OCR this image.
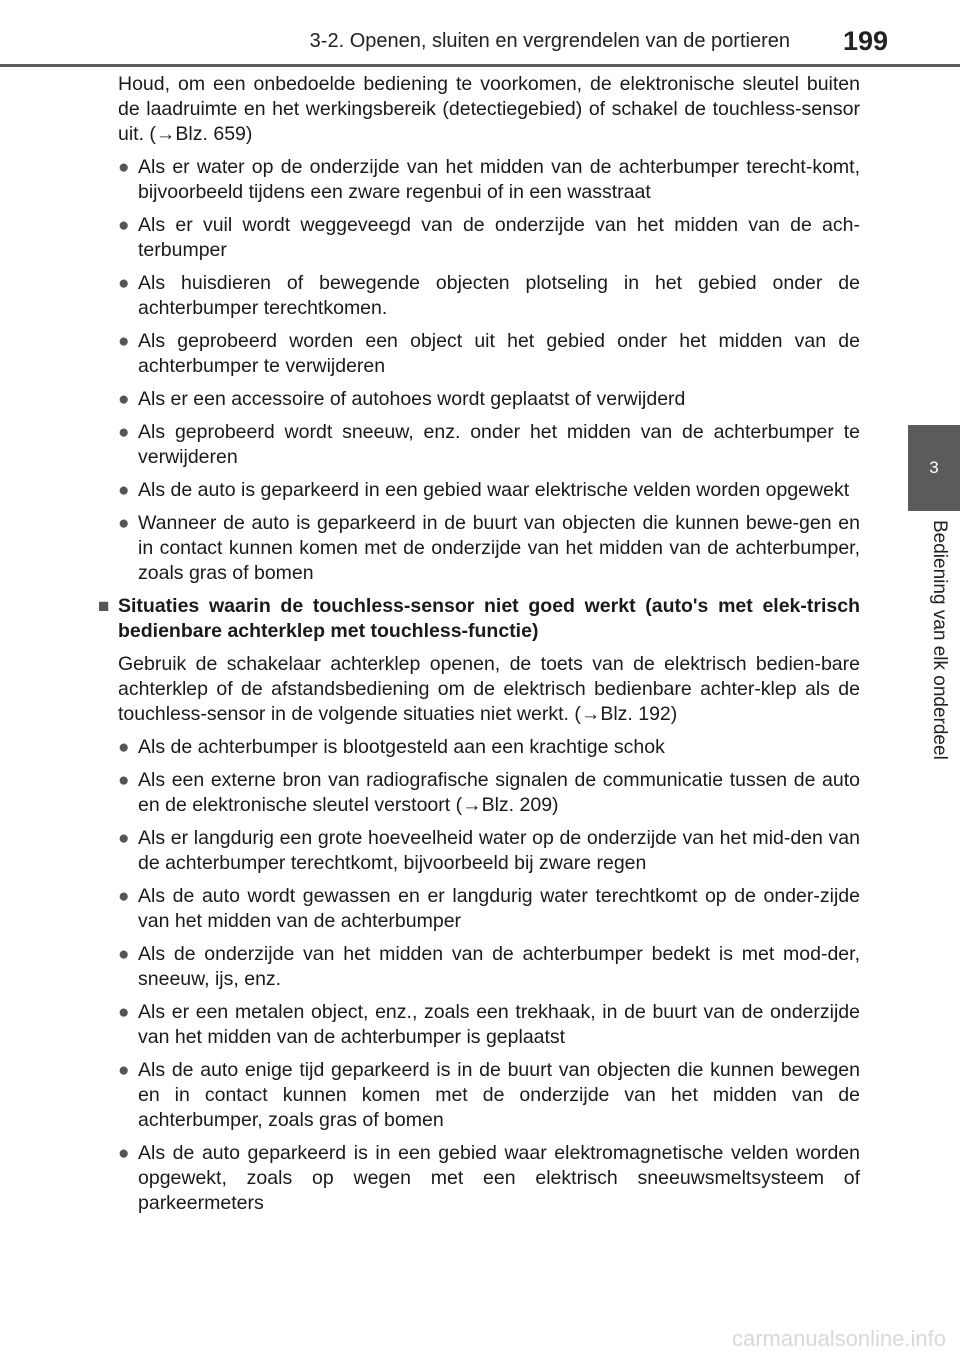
3-2. Openen, sluiten en vergrendelen van de portieren 199
3
Bediening van elk onderdeel

Houd, om een onbedoelde bediening te voorkomen, de elektronische sleutel buiten de laadruimte en het werkingsbereik (detectiegebied) of schakel de touchless-sensor uit. (→Blz. 659)

● Als er water op de onderzijde van het midden van de achterbumper terecht-komt, bijvoorbeeld tijdens een zware regenbui of in een wasstraat
● Als er vuil wordt weggeveegd van de onderzijde van het midden van de ach-terbumper
● Als huisdieren of bewegende objecten plotseling in het gebied onder de achterbumper terechtkomen.
● Als geprobeerd worden een object uit het gebied onder het midden van de achterbumper te verwijderen
● Als er een accessoire of autohoes wordt geplaatst of verwijderd
● Als geprobeerd wordt sneeuw, enz. onder het midden van de achterbumper te verwijderen
● Als de auto is geparkeerd in een gebied waar elektrische velden worden opgewekt
● Wanneer de auto is geparkeerd in de buurt van objecten die kunnen bewe-gen en in contact kunnen komen met de onderzijde van het midden van de achterbumper, zoals gras of bomen
■ Situaties waarin de touchless-sensor niet goed werkt (auto's met elek-trisch bedienbare achterklep met touchless-functie)

Gebruik de schakelaar achterklep openen, de toets van de elektrisch bedien-bare achterklep of de afstandsbediening om de elektrisch bedienbare achter-klep als de touchless-sensor in de volgende situaties niet werkt. (→Blz. 192)

● Als de achterbumper is blootgesteld aan een krachtige schok
● Als een externe bron van radiografische signalen de communicatie tussen de auto en de elektronische sleutel verstoort (→Blz. 209)
● Als er langdurig een grote hoeveelheid water op de onderzijde van het mid-den van de achterbumper terechtkomt, bijvoorbeeld bij zware regen
● Als de auto wordt gewassen en er langdurig water terechtkomt op de onder-zijde van het midden van de achterbumper
● Als de onderzijde van het midden van de achterbumper bedekt is met mod-der, sneeuw, ijs, enz.
● Als er een metalen object, enz., zoals een trekhaak, in de buurt van de onderzijde van het midden van de achterbumper is geplaatst
● Als de auto enige tijd geparkeerd is in de buurt van objecten die kunnen bewegen en in contact kunnen komen met de onderzijde van het midden van de achterbumper, zoals gras of bomen
● Als de auto geparkeerd is in een gebied waar elektromagnetische velden worden opgewekt, zoals op wegen met een elektrisch sneeuwsmeltsysteem of parkeermeters
carmanualsonline.info
